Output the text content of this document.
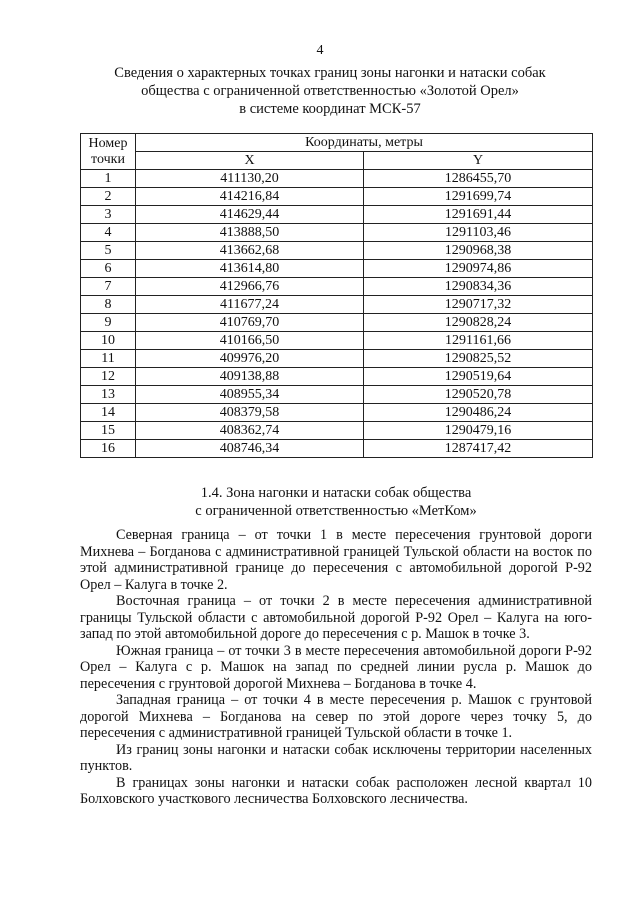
4
Сведения о характерных точках границ зоны нагонки и натаски собак
общества с ограниченной ответственностью «Золотой Орел»
в системе координат МСК-57
Номер
точки	Координаты, метры	
	X	Y
1	411130,20	1286455,70
2	414216,84	1291699,74
3	414629,44	1291691,44
4	413888,50	1291103,46
5	413662,68	1290968,38
6	413614,80	1290974,86
7	412966,76	1290834,36
8	411677,24	1290717,32
9	410769,70	1290828,24
10	410166,50	1291161,66
11	409976,20	1290825,52
12	409138,88	1290519,64
13	408955,34	1290520,78
14	408379,58	1290486,24
15	408362,74	1290479,16
16	408746,34	1287417,42
1.4. Зона нагонки и натаски собак общества
с ограниченной ответственностью «МетКом»

Северная граница – от точки 1 в месте пересечения грунтовой дороги Михнева – Богданова с административной границей Тульской области на восток по этой административной границе до пересечения с автомобильной дорогой Р-92 Орел – Калуга в точке 2.

Восточная граница – от точки 2 в месте пересечения административной границы Тульской области с автомобильной дорогой Р-92 Орел – Калуга на юго-запад по этой автомобильной дороге до пересечения с р. Машок в точке 3.

Южная граница – от точки 3 в месте пересечения автомобильной дороги Р-92 Орел – Калуга с р. Машок на запад по средней линии русла р. Машок до пересечения с грунтовой дорогой Михнева – Богданова в точке 4.

Западная граница – от точки 4 в месте пересечения р. Машок с грунтовой дорогой Михнева – Богданова на север по этой дороге через точку 5, до пересечения с административной границей Тульской области в точке 1.

Из границ зоны нагонки и натаски собак исключены территории населенных пунктов.

В границах зоны нагонки и натаски собак расположен лесной квартал 10 Болховского участкового лесничества Болховского лесничества.
